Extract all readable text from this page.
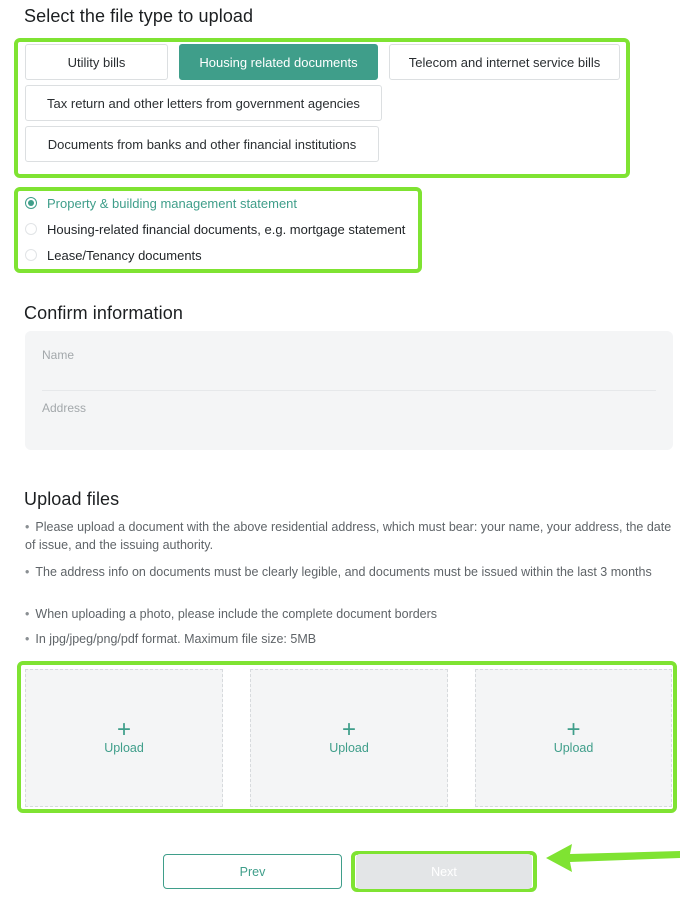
Select the file type to upload
Utility bills	Housing related documents	Telecom and internet service bills
Tax return and other letters from government agencies
Documents from banks and other financial institutions
Property & building management statement
Housing-related financial documents, e.g. mortgage statement
Lease/Tenancy documents
Confirm information
Name
Address
Upload files
• Please upload a document with the above residential address, which must bear: your name, your address, the date of issue, and the issuing authority.
• The address info on documents must be clearly legible, and documents must be issued within the last 3 months
• When uploading a photo, please include the complete document borders
• In jpg/jpeg/png/pdf format. Maximum file size: 5MB
+
Upload
+
Upload
+
Upload
Prev	Next
